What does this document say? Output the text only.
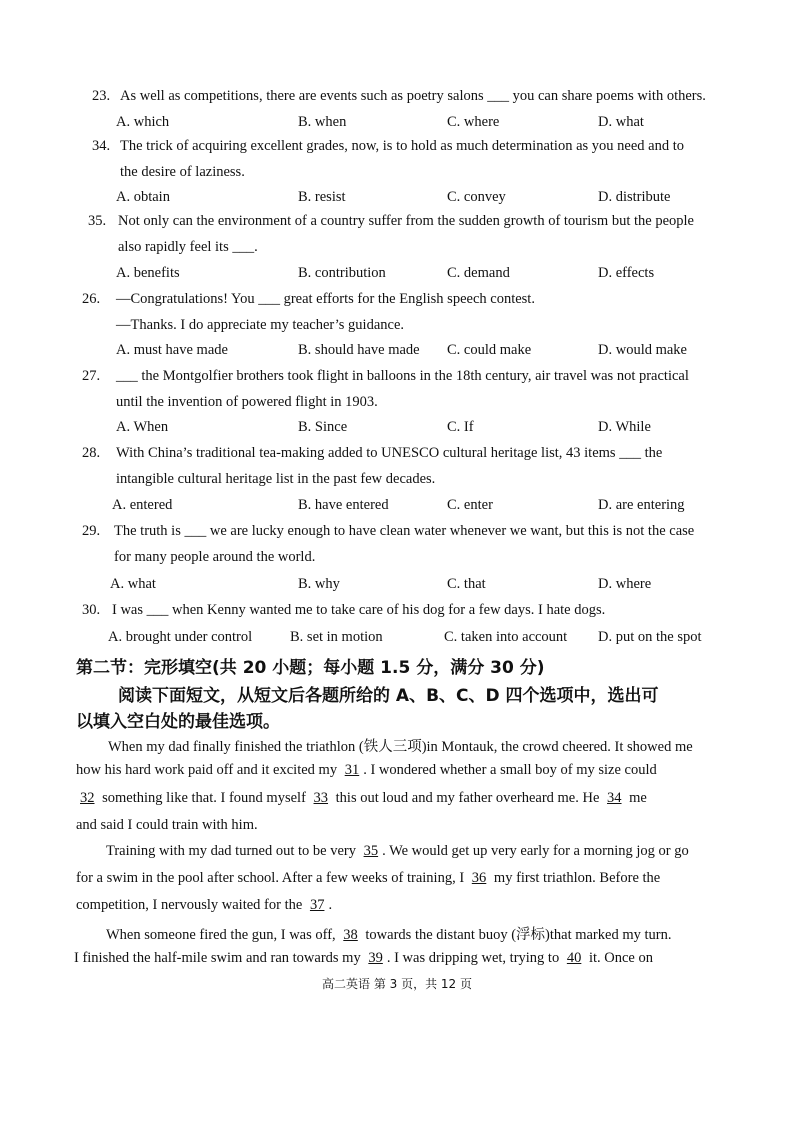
23. As well as competitions, there are events such as poetry salons ___ you can share poems with others.
A. which	B. when	C. where	D. what
34. The trick of acquiring excellent grades, now, is to hold as much determination as you need and to
the desire of laziness.
A. obtain	B. resist	C. convey	D. distribute
35. Not only can the environment of a country suffer from the sudden growth of tourism but the people
also rapidly feel its ___.
A. benefits	B. contribution	C. demand	D. effects
26. —Congratulations! You ___ great efforts for the English speech contest.
—Thanks. I do appreciate my teacher’s guidance.
A. must have made	B. should have made C. could make	D. would make
27. ___ the Montgolfier brothers took flight in balloons in the 18th century, air travel was not practical
until the invention of powered flight in 1903.
A. When	B. Since	C. If	D. While
28. With China’s traditional tea-making added to UNESCO cultural heritage list, 43 items ___ the
intangible cultural heritage list in the past few decades.
A. entered	B. have entered	C. enter	D. are entering
29. The truth is ___ we are lucky enough to have clean water whenever we want, but this is not the case
for many people around the world.
A. what	B. why	C. that	D. where
30. I was ___ when Kenny wanted me to take care of his dog for a few days. I hate dogs.
A. brought under control	B. set in motion	C. taken into account D. put on the spot
第二节：完形填空(共 20 小题；每小题 1.5 分，满分 30 分)
阅读下面短文，从短文后各题所给的 A、B、C、D 四个选项中，选出可
以填入空白处的最佳选项。
When my dad finally finished the triathlon (铁人三项)in Montauk, the crowd cheered. It showed me
how his hard work paid off and it excited my 31 . I wondered whether a small boy of my size could
32 something like that. I found myself 33 this out loud and my father overheard me. He 34 me
and said I could train with him.
Training with my dad turned out to be very 35 . We would get up very early for a morning jog or go
for a swim in the pool after school. After a few weeks of training, I 36 my first triathlon. Before the
competition, I nervously waited for the 37 .
When someone fired the gun, I was off, 38 towards the distant buoy (浮标)that marked my turn.
I finished the half-mile swim and ran towards my 39 . I was dripping wet, trying to 40 it. Once on
高二英语 第 3 页，共 12 页
